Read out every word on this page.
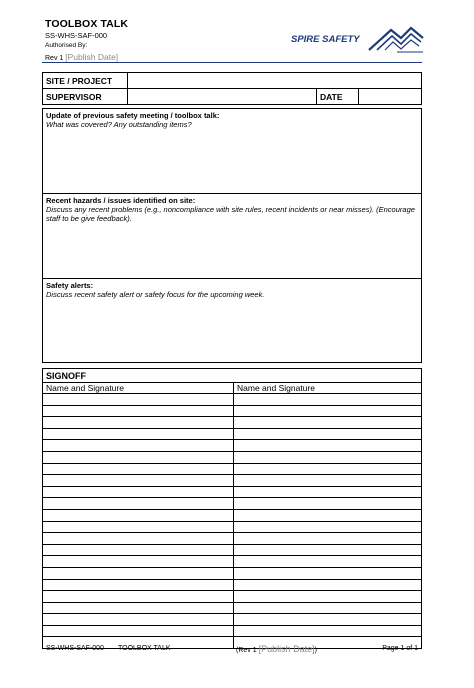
TOOLBOX TALK
SS-WHS-SAF-000
Authorised By:
Rev 1 [Publish Date]
SPIRE SAFETY
SITE / PROJECT			
SUPERVISOR		DATE	
Update of previous safety meeting / toolbox talk:
What was covered? Any outstanding items?

Recent hazards / issues identified on site:
Discuss any recent problems (e.g., noncompliance with site rules, recent incidents or near misses). (Encourage staff to be give feedback).

Safety alerts:
Discuss recent safety alert or safety focus for the upcoming week.
SIGNOFF	
Name and Signature	Name and Signature

SS-WHS-SAF-000 TOOLBOX TALK	(Rev 1 [Publish Date])	Page 1 of 1
